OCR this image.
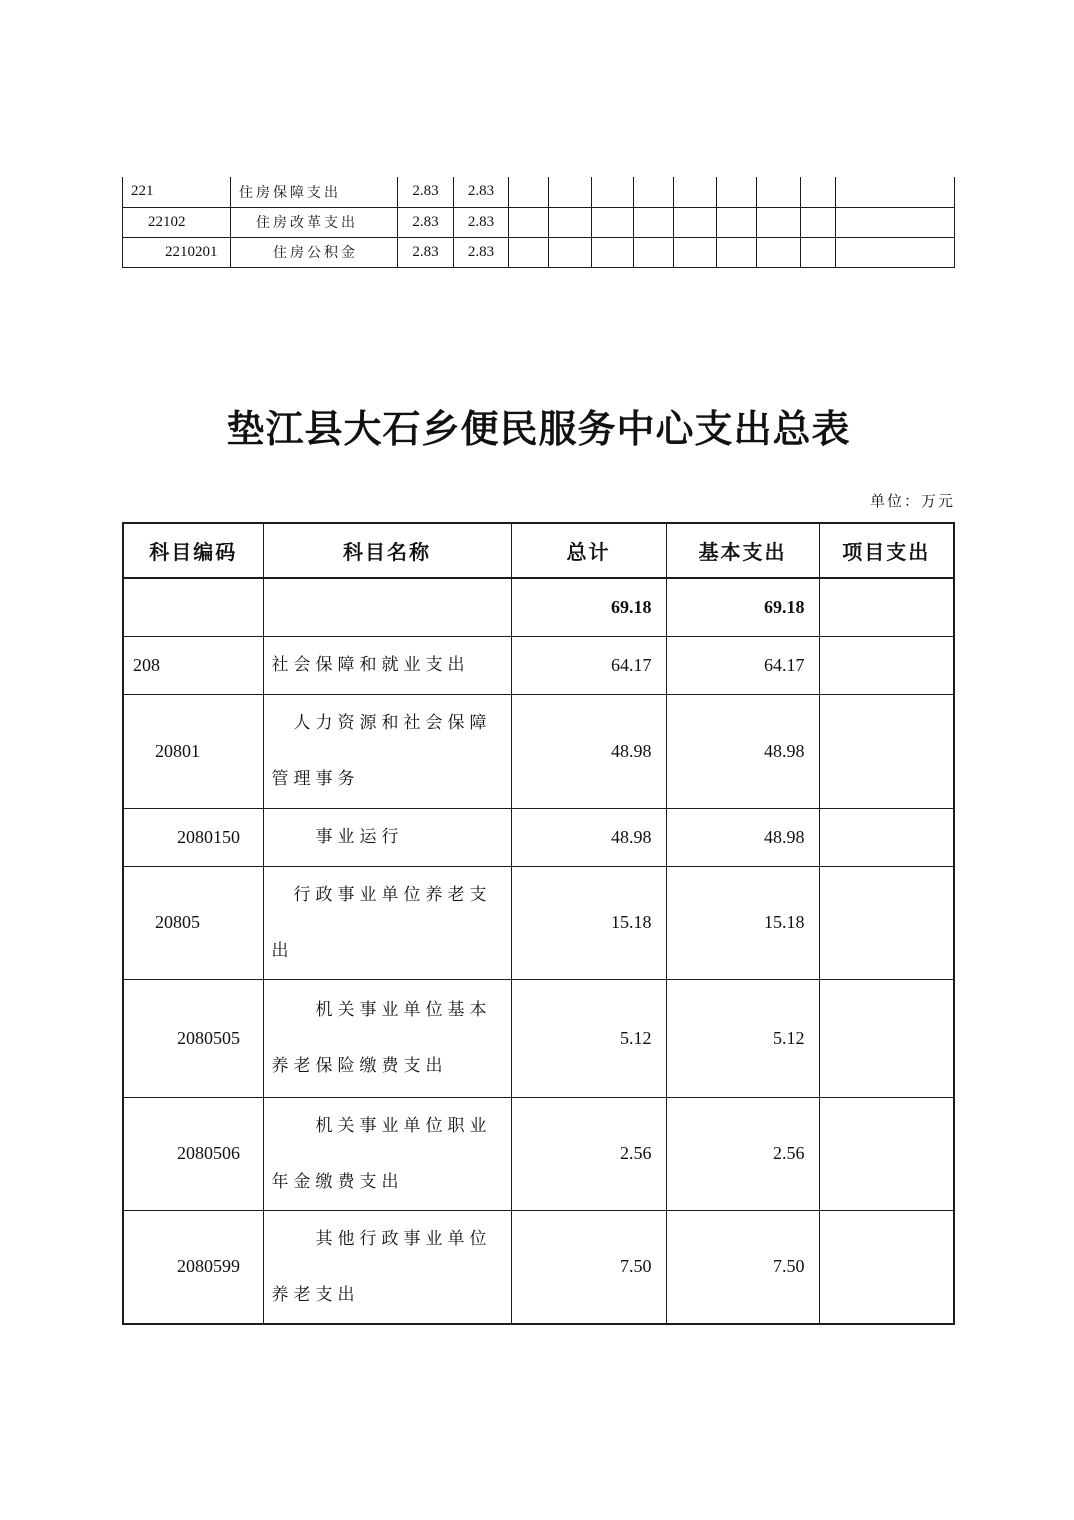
221	住房保障支出	2.83	2.83									
22102	住房改革支出	2.83	2.83									
2210201	住房公积金	2.83	2.83									
垫江县大石乡便民服务中心支出总表
单位：万元
科目编码	科目名称	总计	基本支出	项目支出
		69.18	69.18	
208	社会保障和就业支出	64.17	64.17	
20801	人力资源和社会保障管理事务	48.98	48.98	
2080150	事业运行	48.98	48.98	
20805	行政事业单位养老支出	15.18	15.18	
2080505	机关事业单位基本养老保险缴费支出	5.12	5.12	
2080506	机关事业单位职业年金缴费支出	2.56	2.56	
2080599	其他行政事业单位养老支出	7.50	7.50	
